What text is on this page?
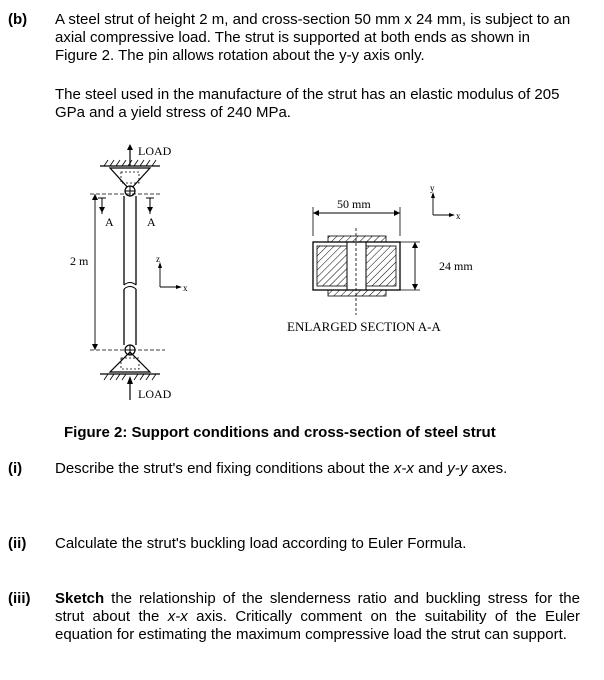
(b) A steel strut of height 2 m, and cross-section 50 mm x 24 mm, is subject to an axial compressive load. The strut is supported at both ends as shown in Figure 2. The pin allows rotation about the y-y axis only.
The steel used in the manufacture of the strut has an elastic modulus of 205 GPa and a yield stress of 240 MPa.
LOAD
LOAD
A	A
2 m	z
x
y
x
50 mm
24 mm
ENLARGED SECTION A-A
Figure 2: Support conditions and cross-section of steel strut
(i) Describe the strut's end fixing conditions about the x-x and y-y axes.
(ii) Calculate the strut's buckling load according to Euler Formula.
(iii) Sketch the relationship of the slenderness ratio and buckling stress for the strut about the x-x axis. Critically comment on the suitability of the Euler equation for estimating the maximum compressive load the strut can support.
